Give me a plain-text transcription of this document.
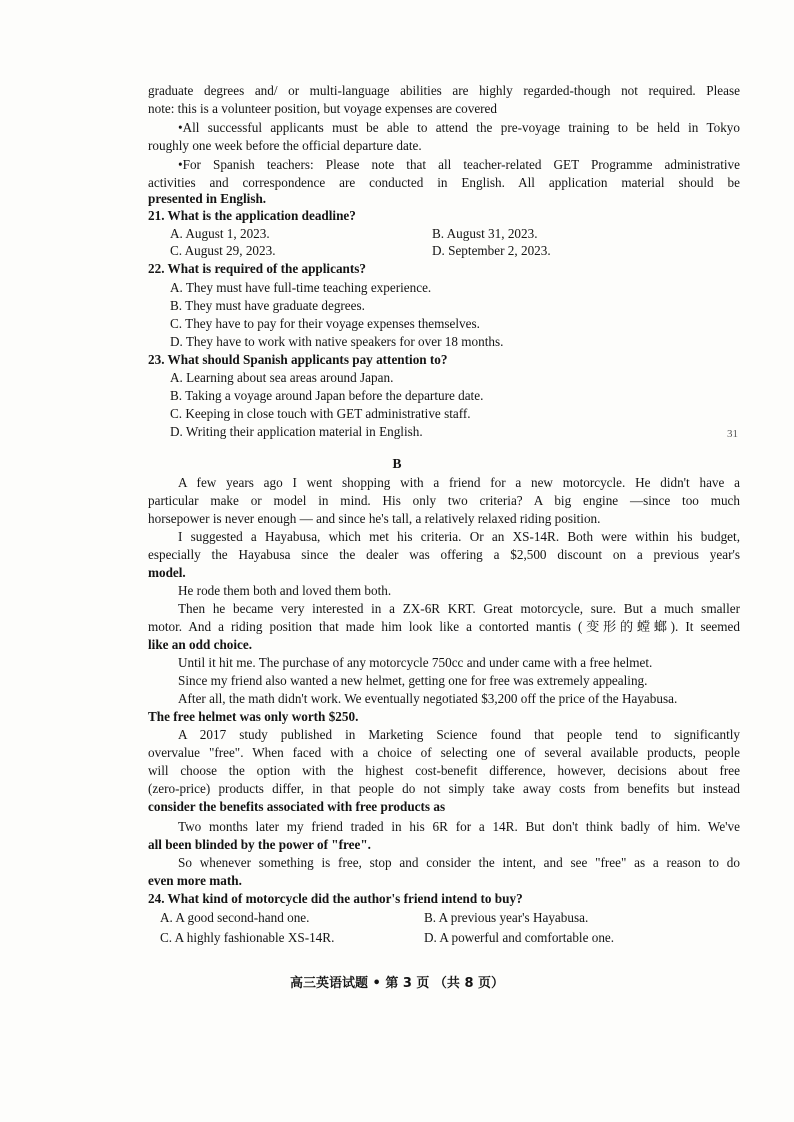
graduate degrees and/ or multi-language abilities are highly regarded-though not required. Please
note: this is a volunteer position, but voyage expenses are covered
•All successful applicants must be able to attend the pre-voyage training to be held in Tokyo
roughly one week before the official departure date.
•For Spanish teachers: Please note that all teacher-related GET Programme administrative
activities and correspondence are conducted in English. All application material should be
presented in English.
21. What is the application deadline?
A. August 1, 2023.	B. August 31, 2023.
C. August 29, 2023.	D. September 2, 2023.
22. What is required of the applicants?
A. They must have full-time teaching experience.
B. They must have graduate degrees.
C. They have to pay for their voyage expenses themselves.
D. They have to work with native speakers for over 18 months.
23. What should Spanish applicants pay attention to?
A. Learning about sea areas around Japan.
B. Taking a voyage around Japan before the departure date.
C. Keeping in close touch with GET administrative staff.
D. Writing their application material in English.	31
B
A few years ago I went shopping with a friend for a new motorcycle. He didn't have a
particular make or model in mind. His only two criteria? A big engine —since too much
horsepower is never enough — and since he's tall, a relatively relaxed riding position.
I suggested a Hayabusa, which met his criteria. Or an XS-14R. Both were within his budget,
especially the Hayabusa since the dealer was offering a $2,500 discount on a previous year's
model.
He rode them both and loved them both.
Then he became very interested in a ZX-6R KRT. Great motorcycle, sure. But a much smaller
motor. And a riding position that made him look like a contorted mantis (变形的螳螂). It seemed
like an odd choice.
Until it hit me. The purchase of any motorcycle 750cc and under came with a free helmet.
Since my friend also wanted a new helmet, getting one for free was extremely appealing.
After all, the math didn't work. We eventually negotiated $3,200 off the price of the Hayabusa.
The free helmet was only worth $250.
A 2017 study published in Marketing Science found that people tend to significantly
overvalue "free". When faced with a choice of selecting one of several available products, people
will choose the option with the highest cost-benefit difference, however, decisions about free
(zero-price) products differ, in that people do not simply take away costs from benefits but instead
consider the benefits associated with free products as
Two months later my friend traded in his 6R for a 14R. But don't think badly of him. We've
all been blinded by the power of "free".
So whenever something is free, stop and consider the intent, and see "free" as a reason to do
even more math.
24. What kind of motorcycle did the author's friend intend to buy?
A. A good second-hand one.	B. A previous year's Hayabusa.
C. A highly fashionable XS-14R.	D. A powerful and comfortable one.
高三英语试题 • 第 3 页 （共 8 页）
